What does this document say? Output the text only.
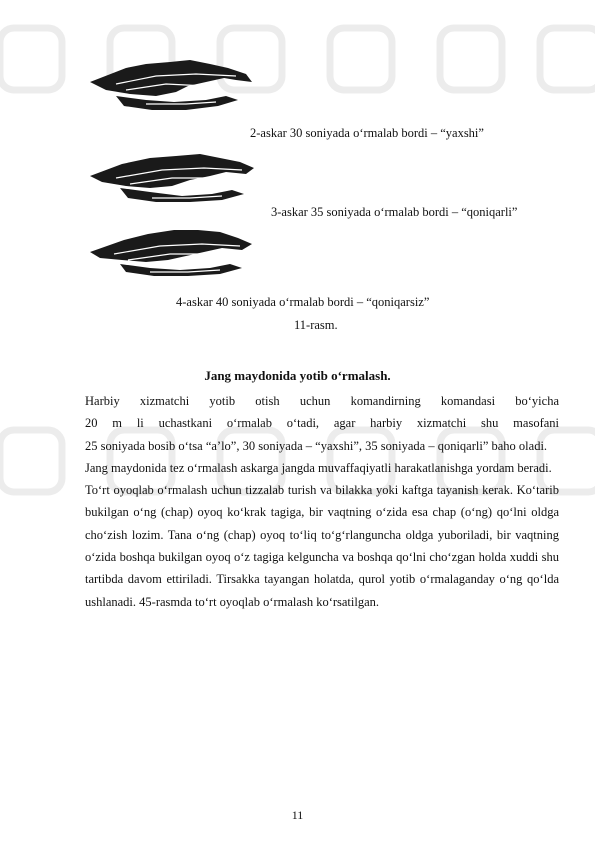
2-askar 30 soniyada o‘rmalab bordi – “yaxshi”
3-askar 35 soniyada o‘rmalab bordi – “qoniqarli”
4-askar 40 soniyada o‘rmalab bordi – “qoniqarsiz”
11-rasm.
Jang maydonida yotib o‘rmalash.

Harbiy xizmatchi yotib otish uchun komandirning komandasi bo‘yicha

20 m li uchastkani o‘rmalab o‘tadi, agar harbiy xizmatchi shu masofani

25 soniyada bosib o‘tsa “a’lo”, 30 soniyada – “yaxshi”, 35 soniyada – qoniqarli” baho oladi.

Jang maydonida tez o‘rmalash askarga jangda muvaffaqiyatli harakatlanishga yordam beradi.

To‘rt oyoqlab o‘rmalash uchun tizzalab turish va bilakka yoki kaftga tayanish kerak. Ko‘tarib bukilgan o‘ng (chap) oyoq ko‘krak tagiga, bir vaqtning o‘zida esa chap (o‘ng) qo‘lni oldga cho‘zish lozim. Tana o‘ng (chap) oyoq to‘liq to‘g‘rlanguncha oldga yuboriladi, bir vaqtning o‘zida boshqa bukilgan oyoq o‘z tagiga kelguncha va boshqa qo‘lni cho‘zgan holda xuddi shu tartibda davom ettiriladi. Tirsakka tayangan holatda, qurol yotib o‘rmalaganday o‘ng qo‘lda ushlanadi. 45-rasmda to‘rt oyoqlab o‘rmalash ko‘rsatilgan.

11
